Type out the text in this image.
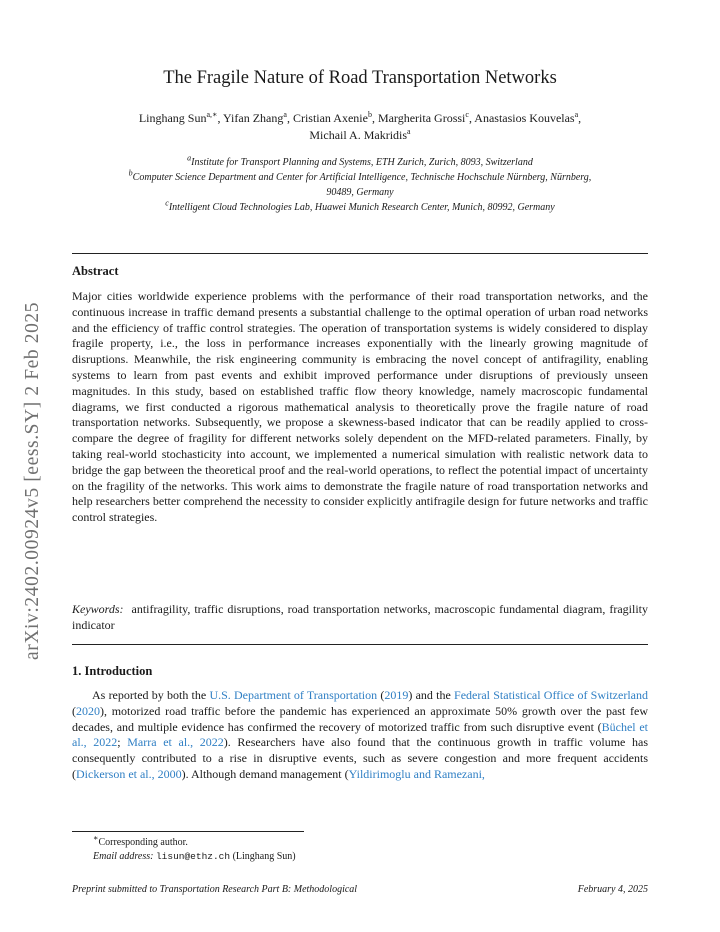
arXiv:2402.00924v5 [eess.SY] 2 Feb 2025
The Fragile Nature of Road Transportation Networks
Linghang Sun$^{a,∗}$, Yifan Zhang$^a$, Cristian Axenie$^b$, Margherita Grossi$^c$, Anastasios Kouvelas$^a$,
Michail A. Makridis$^a$
$^a$Institute for Transport Planning and Systems, ETH Zurich, Zurich, 8093, Switzerland
$^b$Computer Science Department and Center for Artificial Intelligence, Technische Hochschule Nürnberg, Nürnberg, 90489, Germany
$^c$Intelligent Cloud Technologies Lab, Huawei Munich Research Center, Munich, 80992, Germany
Abstract
Major cities worldwide experience problems with the performance of their road transportation networks, and the continuous increase in traffic demand presents a substantial challenge to the optimal operation of urban road networks and the efficiency of traffic control strategies. The operation of transportation systems is widely considered to display fragile property, i.e., the loss in performance increases exponentially with the linearly growing magnitude of disruptions. Meanwhile, the risk engineering community is embracing the novel concept of antifragility, enabling systems to learn from past events and exhibit improved performance under disruptions of previously unseen magnitudes. In this study, based on established traffic flow theory knowledge, namely macroscopic fundamental diagrams, we first conducted a rigorous mathematical analysis to theoretically prove the fragile nature of road transportation networks. Subsequently, we propose a skewness-based indicator that can be readily applied to cross-compare the degree of fragility for different networks solely dependent on the MFD-related parameters. Finally, by taking real-world stochasticity into account, we implemented a numerical simulation with realistic network data to bridge the gap between the theoretical proof and the real-world operations, to reflect the potential impact of uncertainty on the fragility of the networks. This work aims to demonstrate the fragile nature of road transportation networks and help researchers better comprehend the necessity to consider explicitly antifragile design for future networks and traffic control strategies.
Keywords: antifragility, traffic disruptions, road transportation networks, macroscopic fundamental diagram, fragility indicator
1. Introduction
As reported by both the U.S. Department of Transportation (2019) and the Federal Statistical Office of Switzerland (2020), motorized road traffic before the pandemic has experienced an approximate 50% growth over the past few decades, and multiple evidence has confirmed the recovery of motorized traffic from such disruptive event (Büchel et al., 2022; Marra et al., 2022). Researchers have also found that the continuous growth in traffic volume has consequently contributed to a rise in disruptive events, such as severe congestion and more frequent accidents (Dickerson et al., 2000). Although demand management (Yildirimoglu and Ramezani,
∗Corresponding author.
Email address: lisun@ethz.ch (Linghang Sun)
Preprint submitted to Transportation Research Part B: Methodological	February 4, 2025
